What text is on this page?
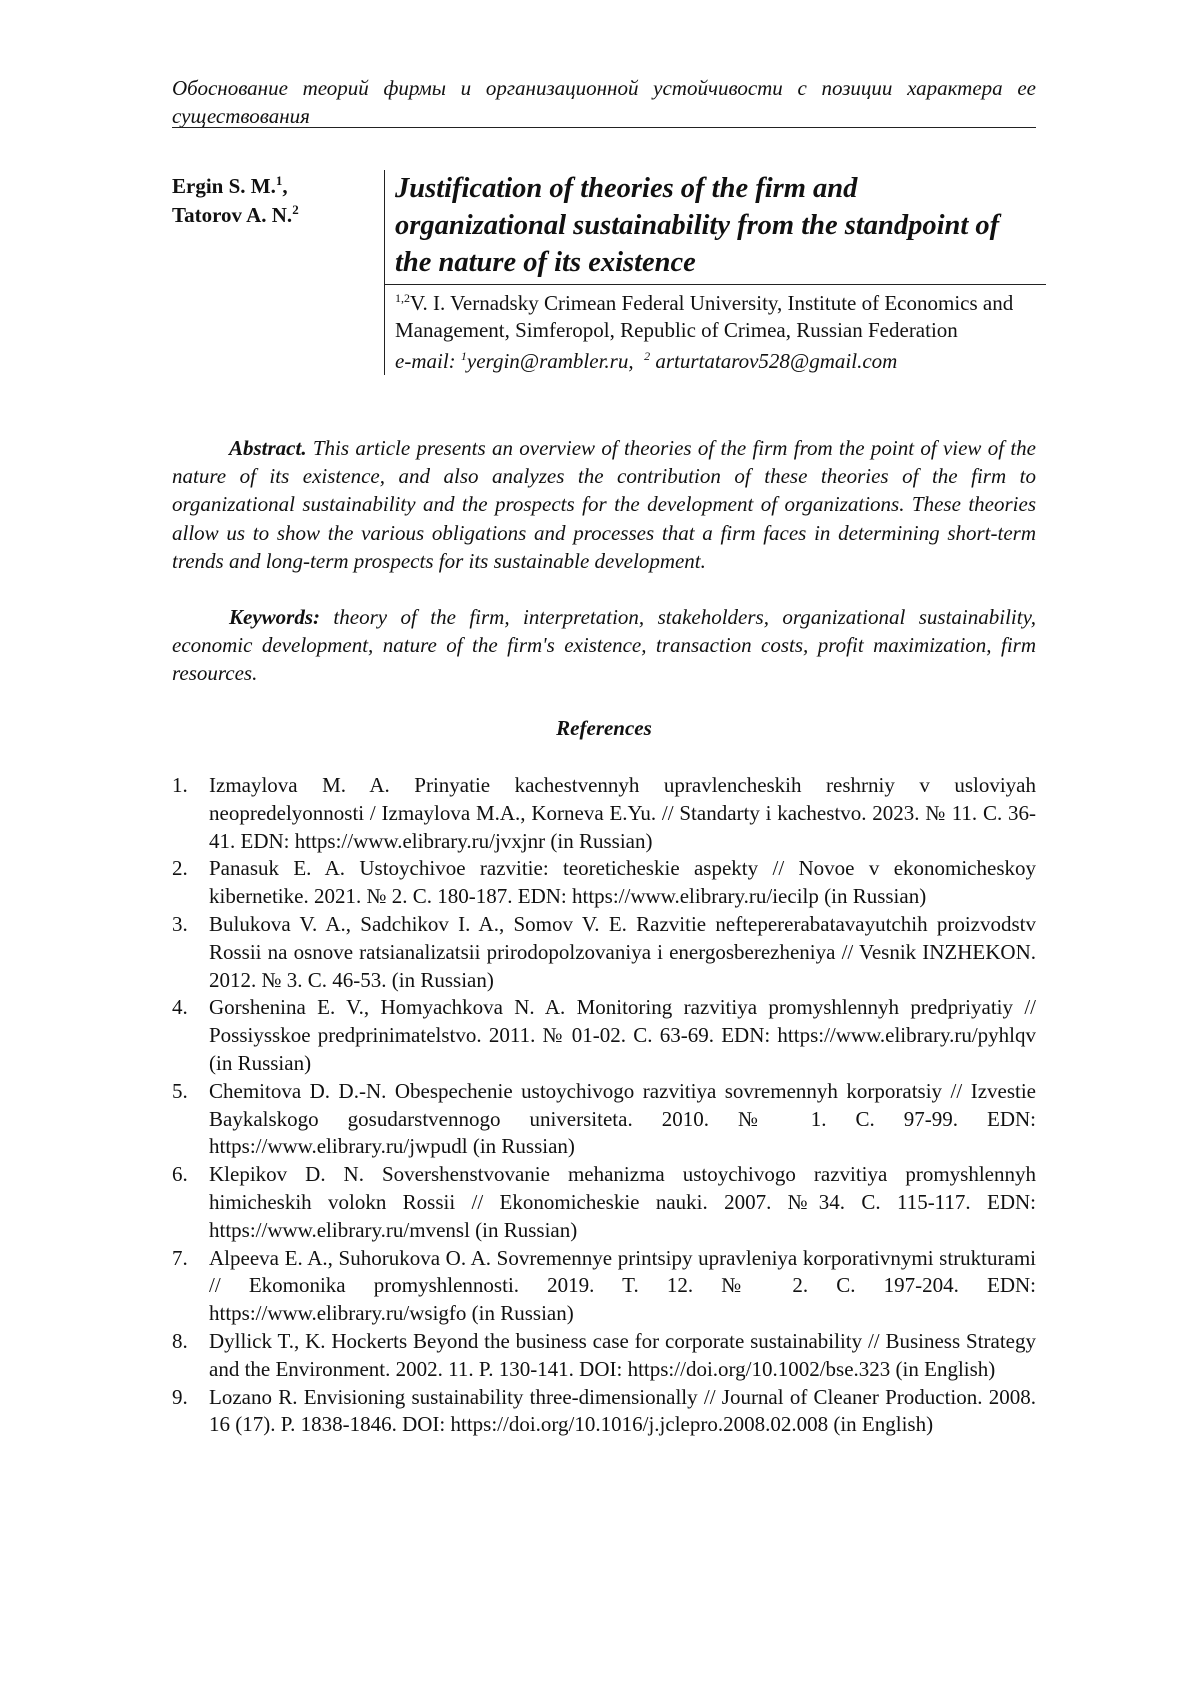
Обоснование теорий фирмы и организационной устойчивости с позиции характера ее существования
Ergin S. M.$^1$,
Tatorov A. N.$^2$
Justification of theories of the firm and organizational sustainability from the standpoint of the nature of its existence
$^{1,2}$V. I. Vernadsky Crimean Federal University, Institute of Economics and Management, Simferopol, Republic of Crimea, Russian Federation
e-mail: $^1$yergin@rambler.ru, $^2$ arturtatarov528@gmail.com

Abstract. This article presents an overview of theories of the firm from the point of view of the nature of its existence, and also analyzes the contribution of these theories of the firm to organizational sustainability and the prospects for the development of organizations. These theories allow us to show the various obligations and processes that a firm faces in determining short-term trends and long-term prospects for its sustainable development.

Keywords: theory of the firm, interpretation, stakeholders, organizational sustainability, economic development, nature of the firm's existence, transaction costs, profit maximization, firm resources.

References
1. Izmaylova M. A. Prinyatie kachestvennyh upravlencheskih reshrniy v usloviyah neopredelyonnosti / Izmaylova M.A., Korneva E.Yu. // Standarty i kachestvo. 2023. № 11. C. 36-41. EDN: https://www.elibrary.ru/jvxjnr (in Russian)
2. Panasuk E. A. Ustoychivoe razvitie: teoreticheskie aspekty // Novoe v ekonomicheskoy kibernetike. 2021. № 2. C. 180-187. EDN: https://www.elibrary.ru/iecilp (in Russian)
3. Bulukova V. A., Sadchikov I. A., Somov V. E. Razvitie neftepererabatavayutchih proizvodstv Rossii na osnove ratsianalizatsii prirodopolzovaniya i energosberezheniya // Vesnik INZHEKON. 2012. № 3. C. 46-53. (in Russian)
4. Gorshenina E. V., Homyachkova N. A. Monitoring razvitiya promyshlennyh predpriyatiy // Possiysskoe predprinimatelstvo. 2011. № 01-02. C. 63-69. EDN: https://www.elibrary.ru/pyhlqv (in Russian)
5. Chemitova D. D.-N. Obespechenie ustoychivogo razvitiya sovremennyh korporatsiy // Izvestie Baykalskogo gosudarstvennogo universiteta. 2010. № 1. C. 97-99. EDN: https://www.elibrary.ru/jwpudl (in Russian)
6. Klepikov D. N. Sovershenstvovanie mehanizma ustoychivogo razvitiya promyshlennyh himicheskih volokn Rossii // Ekonomicheskie nauki. 2007. №34. C. 115-117. EDN: https://www.elibrary.ru/mvensl (in Russian)
7. Alpeeva E. A., Suhorukova O. A. Sovremennye printsipy upravleniya korporativnymi strukturami // Ekomonika promyshlennosti. 2019. T. 12. № 2. C. 197-204. EDN: https://www.elibrary.ru/wsigfo (in Russian)
8. Dyllick T., K. Hockerts Beyond the business case for corporate sustainability // Business Strategy and the Environment. 2002. 11. P. 130-141. DOI: https://doi.org/10.1002/bse.323 (in English)
9. Lozano R. Envisioning sustainability three-dimensionally // Journal of Cleaner Production. 2008. 16 (17). P. 1838-1846. DOI: https://doi.org/10.1016/j.jclepro.2008.02.008 (in English)
